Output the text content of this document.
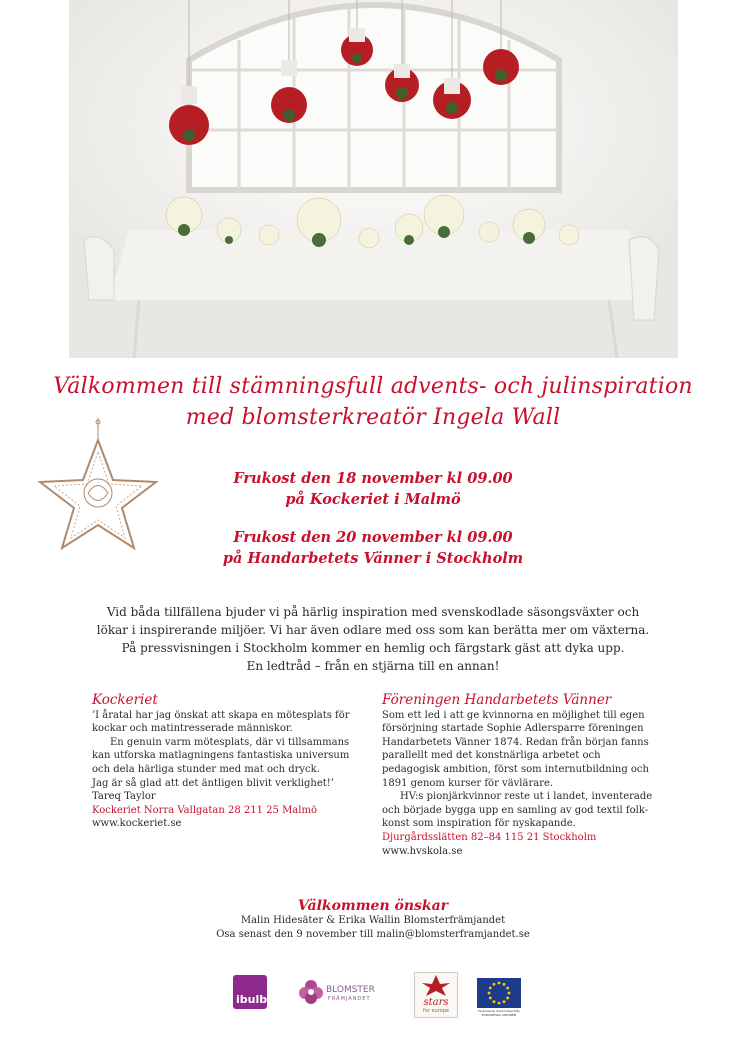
Välkommen till stämningsfull advents- och julinspiration
med blomsterkreatör Ingela Wall
Frukost den 18 november kl 09.00
på Kockeriet i Malmö
Frukost den 20 november kl 09.00
på Handarbetets Vänner i Stockholm
Vid båda tillfällena bjuder vi på härlig inspiration med svenskodlade säsongsväxter och
lökar i inspirerande miljöer. Vi har även odlare med oss som kan berätta mer om växterna.
På pressvisningen i Stockholm kommer en hemlig och färgstark gäst att dyka upp.
En ledtråd – från en stjärna till en annan!
Kockeriet

’I åratal har jag önskat att skapa en mötesplats för kockar och matintresserade människor.

En genuin varm mötesplats, där vi tillsammans kan utforska matlagningens fantastiska universum och dela härliga stunder med mat och dryck.

Jag är så glad att det äntligen blivit verklighet!’

Tareq Taylor

Kockeriet Norra Vallgatan 28 211 25 Malmö

www.kockeriet.se

Föreningen Handarbetets Vänner

Som ett led i att ge kvinnorna en möjlighet till egen försörjning startade Sophie Adlersparre föreningen Handarbetets Vänner 1874. Redan från början fanns parallellt med det konstnärliga arbetet och pedagogisk ambition, först som internutbildning och 1891 genom kurser för vävlärare.

HV:s pionjärkvinnor reste ut i landet, inventerade och började bygga upp en samling av god textil folk-konst som inspiration för nyskapande.

Djurgårdsslätten 82–84 115 21 Stockholm

www.hvskola.se

Välkommen önskar
Malin Hidesäter & Erika Wallin Blomsterfrämjandet
Osa senast den 9 november till malin@blomsterframjandet.se
ibulb
BLOMSTER
FRÄMJANDET	stars
for europe	Finansieras med medel från EUROPEISKA UNIONEN
